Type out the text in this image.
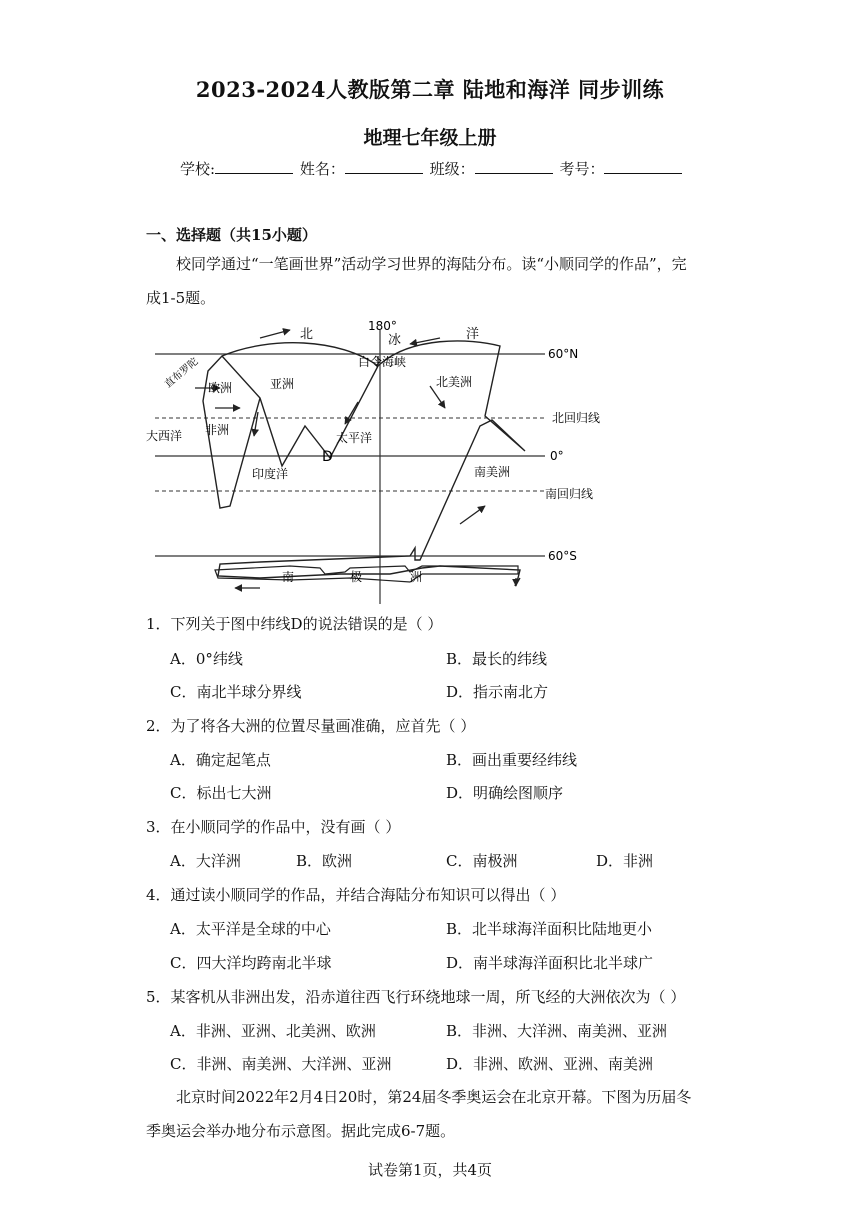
2023-2024人教版第二章 陆地和海洋 同步训练
地理七年级上册
学校:	姓名：	班级：	考号：
一、选择题（共15小题）
校同学通过“一笔画世界”活动学习世界的海陆分布。读“小顺同学的作品”，完
成1-5题。
180°
60°N
北回归线
0°
南回归线
60°S
北	冰	洋
白令海峡
欧洲	亚洲	北美洲
非洲
大西洋	太平洋
D
印度洋	南美洲
直布罗陀
南	极	洲
1．下列关于图中纬线D的说法错误的是（ ）
A．0°纬线	B．最长的纬线
C．南北半球分界线	D．指示南北方
2．为了将各大洲的位置尽量画准确，应首先（ ）
A．确定起笔点	B．画出重要经纬线
C．标出七大洲	D．明确绘图顺序
3．在小顺同学的作品中，没有画（ ）
A．大洋洲	B．欧洲	C．南极洲	D．非洲
4．通过读小顺同学的作品，并结合海陆分布知识可以得出（ ）
A．太平洋是全球的中心	B．北半球海洋面积比陆地更小
C．四大洋均跨南北半球	D．南半球海洋面积比北半球广
5．某客机从非洲出发，沿赤道往西飞行环绕地球一周，所飞经的大洲依次为（ ）
A．非洲、亚洲、北美洲、欧洲	B．非洲、大洋洲、南美洲、亚洲
C．非洲、南美洲、大洋洲、亚洲	D．非洲、欧洲、亚洲、南美洲
北京时间2022年2月4日20时，第24届冬季奥运会在北京开幕。下图为历届冬
季奥运会举办地分布示意图。据此完成6-7题。
试卷第1页，共4页
